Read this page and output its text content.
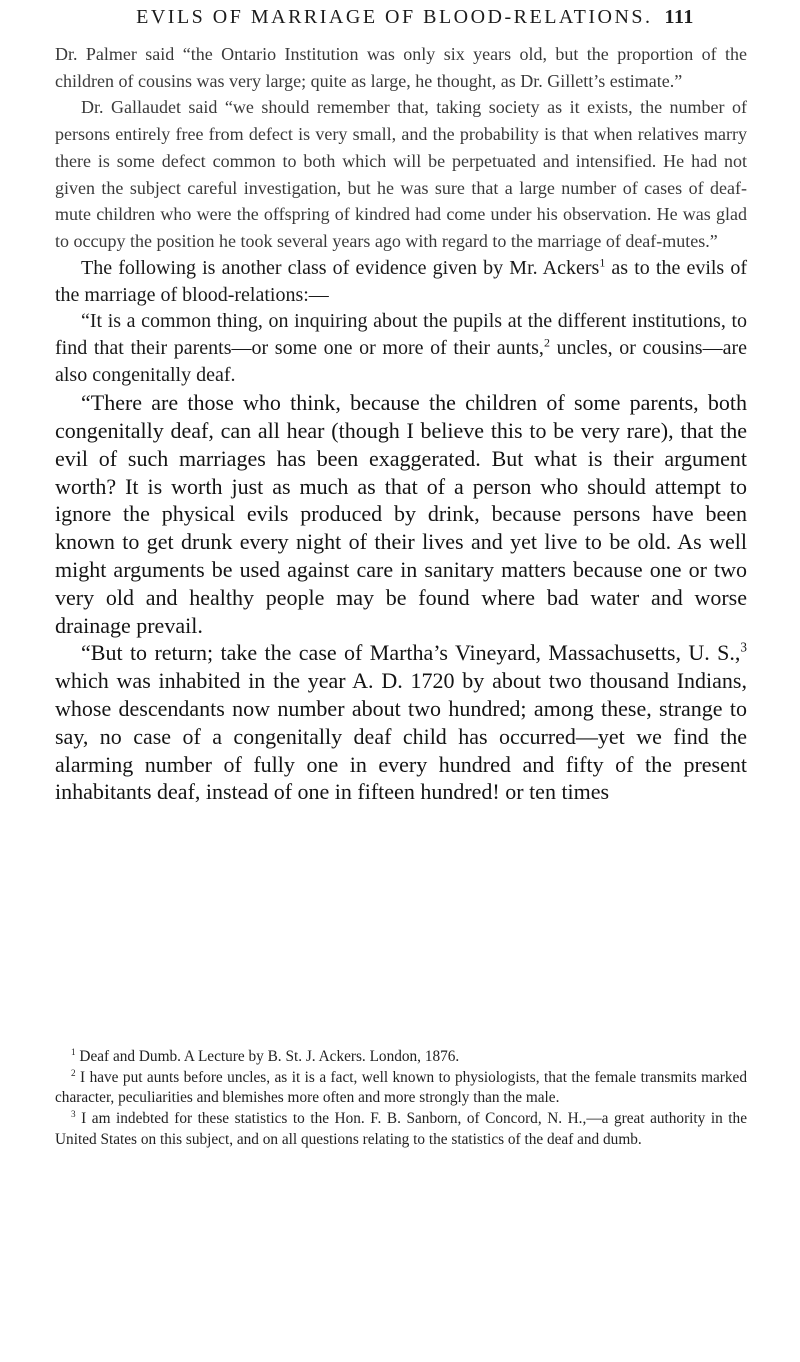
EVILS OF MARRIAGE OF BLOOD-RELATIONS. 111

Dr. Palmer said “the Ontario Institution was only six years old, but the proportion of the children of cousins was very large; quite as large, he thought, as Dr. Gillett’s estimate.”

Dr. Gallaudet said “we should remember that, taking society as it exists, the number of persons entirely free from defect is very small, and the probability is that when relatives marry there is some defect common to both which will be perpetuated and intensified. He had not given the subject careful investigation, but he was sure that a large number of cases of deaf-mute children who were the offspring of kindred had come under his observation. He was glad to occupy the position he took several years ago with regard to the marriage of deaf-mutes.”

The following is another class of evidence given by Mr. Ackers$^1$ as to the evils of the marriage of blood-relations:—

“It is a common thing, on inquiring about the pupils at the different institutions, to find that their parents—or some one or more of their aunts,$^2$ uncles, or cousins—are also congenitally deaf.

“There are those who think, because the children of some parents, both congenitally deaf, can all hear (though I believe this to be very rare), that the evil of such marriages has been exaggerated. But what is their argument worth? It is worth just as much as that of a person who should attempt to ignore the physical evils produced by drink, because persons have been known to get drunk every night of their lives and yet live to be old. As well might arguments be used against care in sanitary matters because one or two very old and healthy people may be found where bad water and worse drainage prevail.

“But to return; take the case of Martha’s Vineyard, Massachusetts, U. S.,$^3$ which was inhabited in the year A. D. 1720 by about two thousand Indians, whose descendants now number about two hundred; among these, strange to say, no case of a congenitally deaf child has occurred—yet we find the alarming number of fully one in every hundred and fifty of the present inhabitants deaf, instead of one in fifteen hundred! or ten times

$^1$ Deaf and Dumb. A Lecture by B. St. J. Ackers. London, 1876.

$^2$ I have put aunts before uncles, as it is a fact, well known to physiologists, that the female transmits marked character, peculiarities and blemishes more often and more strongly than the male.

$^3$ I am indebted for these statistics to the Hon. F. B. Sanborn, of Concord, N. H.,—a great authority in the United States on this subject, and on all questions relating to the statistics of the deaf and dumb.
